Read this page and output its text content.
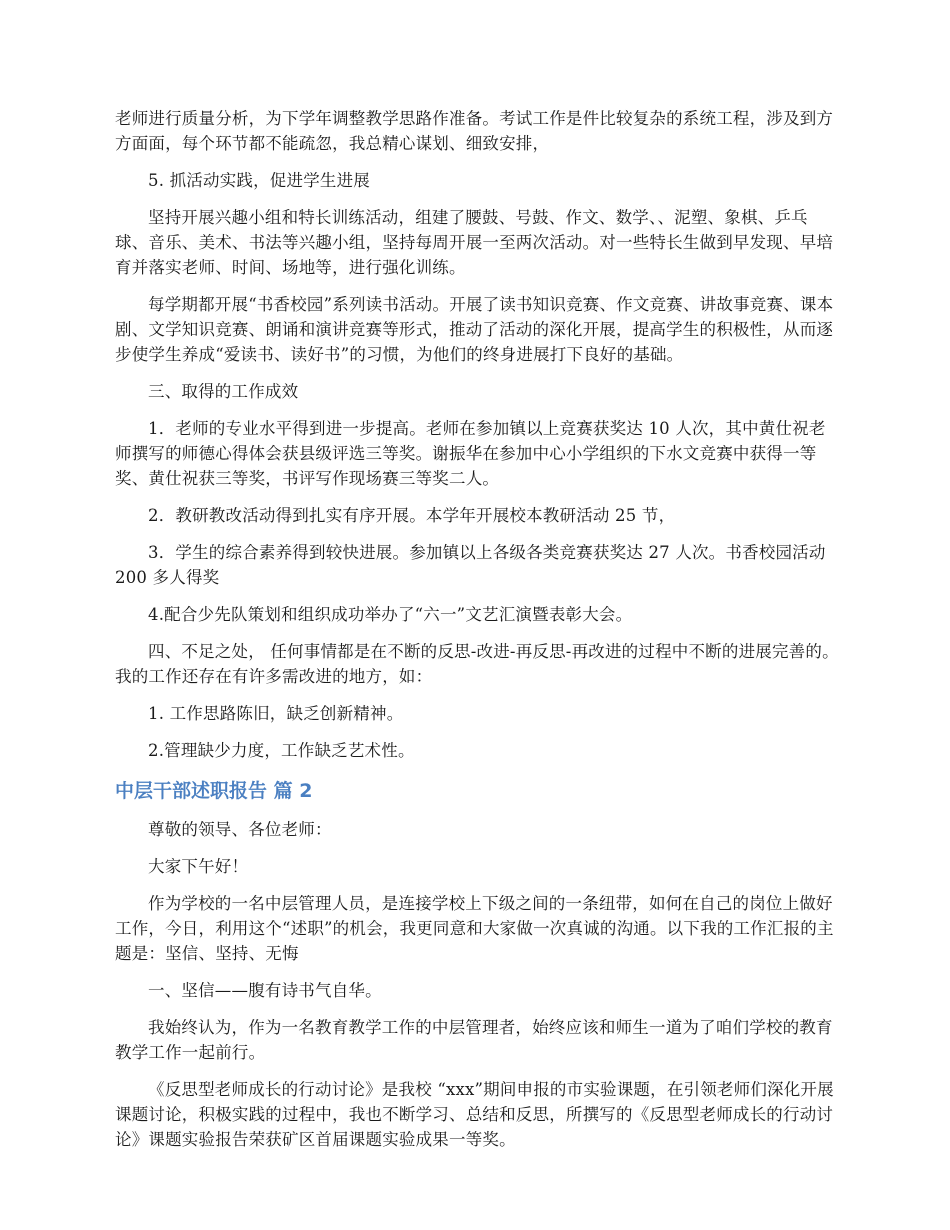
老师进行质量分析，为下学年调整教学思路作准备。考试工作是件比较复杂的系统工程，涉及到方方面面，每个环节都不能疏忽，我总精心谋划、细致安排，

5. 抓活动实践，促进学生进展

坚持开展兴趣小组和特长训练活动，组建了腰鼓、号鼓、作文、数学、、泥塑、象棋、乒乓球、音乐、美术、书法等兴趣小组，坚持每周开展一至两次活动。对一些特长生做到早发现、早培育并落实老师、时间、场地等，进行强化训练。

每学期都开展“书香校园”系列读书活动。开展了读书知识竞赛、作文竞赛、讲故事竞赛、课本剧、文学知识竞赛、朗诵和演讲竞赛等形式，推动了活动的深化开展，提高学生的积极性，从而逐步使学生养成“爱读书、读好书”的习惯，为他们的终身进展打下良好的基础。

三、取得的工作成效

1．老师的专业水平得到进一步提高。老师在参加镇以上竞赛获奖达 10 人次，其中黄仕祝老师撰写的师德心得体会获县级评选三等奖。谢振华在参加中心小学组织的下水文竞赛中获得一等奖、黄仕祝获三等奖，书评写作现场赛三等奖二人。

2．教研教改活动得到扎实有序开展。本学年开展校本教研活动 25 节，

3．学生的综合素养得到较快进展。参加镇以上各级各类竞赛获奖达 27 人次。书香校园活动 200 多人得奖

4.配合少先队策划和组织成功举办了“六一”文艺汇演暨表彰大会。

四、不足之处， 任何事情都是在不断的反思-改进-再反思-再改进的过程中不断的进展完善的。我的工作还存在有许多需改进的地方，如：

1. 工作思路陈旧，缺乏创新精神。

2.管理缺少力度，工作缺乏艺术性。

中层干部述职报告 篇 2

尊敬的领导、各位老师：

大家下午好！

作为学校的一名中层管理人员，是连接学校上下级之间的一条纽带，如何在自己的岗位上做好工作，今日，利用这个“述职”的机会，我更同意和大家做一次真诚的沟通。以下我的工作汇报的主题是：坚信、坚持、无悔

一、坚信——腹有诗书气自华。

我始终认为，作为一名教育教学工作的中层管理者，始终应该和师生一道为了咱们学校的教育教学工作一起前行。

《反思型老师成长的行动讨论》是我校 “xxx”期间申报的市实验课题，在引领老师们深化开展课题讨论，积极实践的过程中，我也不断学习、总结和反思，所撰写的《反思型老师成长的行动讨论》课题实验报告荣获矿区首届课题实验成果一等奖。
